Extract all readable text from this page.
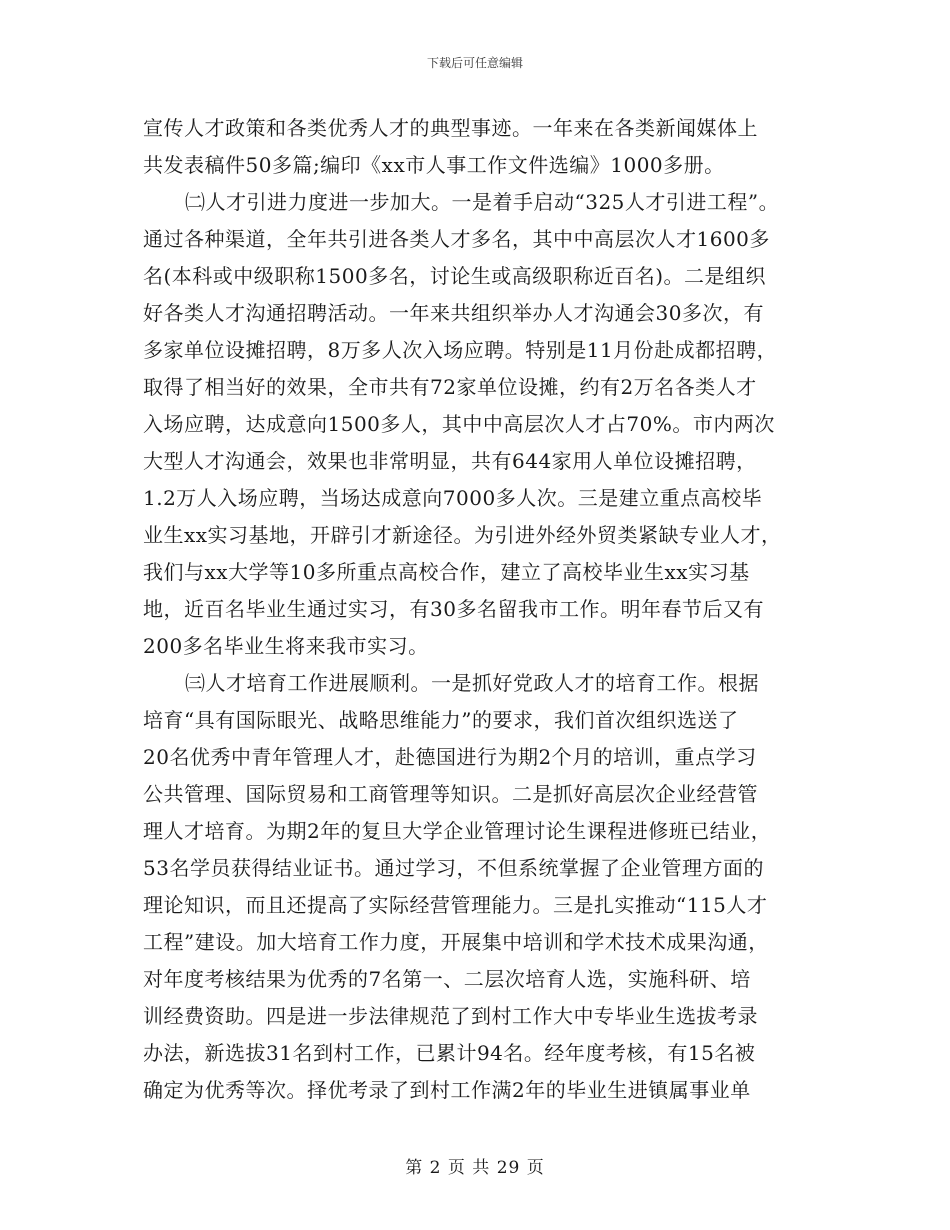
下载后可任意编辑
宣传人才政策和各类优秀人才的典型事迹。一年来在各类新闻媒体上
共发表稿件50多篇;编印《xx市人事工作文件选编》1000多册。
㈡人才引进力度进一步加大。一是着手启动“325人才引进工程”。
通过各种渠道，全年共引进各类人才多名，其中中高层次人才1600多
名(本科或中级职称1500多名，讨论生或高级职称近百名)。二是组织
好各类人才沟通招聘活动。一年来共组织举办人才沟通会30多次，有
多家单位设摊招聘，8万多人次入场应聘。特别是11月份赴成都招聘，
取得了相当好的效果，全市共有72家单位设摊，约有2万名各类人才
入场应聘，达成意向1500多人，其中中高层次人才占70%。市内两次
大型人才沟通会，效果也非常明显，共有644家用人单位设摊招聘，
1.2万人入场应聘，当场达成意向7000多人次。三是建立重点高校毕
业生xx实习基地，开辟引才新途径。为引进外经外贸类紧缺专业人才，
我们与xx大学等10多所重点高校合作，建立了高校毕业生xx实习基
地，近百名毕业生通过实习，有30多名留我市工作。明年春节后又有
200多名毕业生将来我市实习。
㈢人才培育工作进展顺利。一是抓好党政人才的培育工作。根据
培育“具有国际眼光、战略思维能力”的要求，我们首次组织选送了
20名优秀中青年管理人才，赴德国进行为期2个月的培训，重点学习
公共管理、国际贸易和工商管理等知识。二是抓好高层次企业经营管
理人才培育。为期2年的复旦大学企业管理讨论生课程进修班已结业，
53名学员获得结业证书。通过学习，不但系统掌握了企业管理方面的
理论知识，而且还提高了实际经营管理能力。三是扎实推动“115人才
工程”建设。加大培育工作力度，开展集中培训和学术技术成果沟通，
对年度考核结果为优秀的7名第一、二层次培育人选，实施科研、培
训经费资助。四是进一步法律规范了到村工作大中专毕业生选拔考录
办法，新选拔31名到村工作，已累计94名。经年度考核，有15名被
确定为优秀等次。择优考录了到村工作满2年的毕业生进镇属事业单
第 2 页 共 29 页
